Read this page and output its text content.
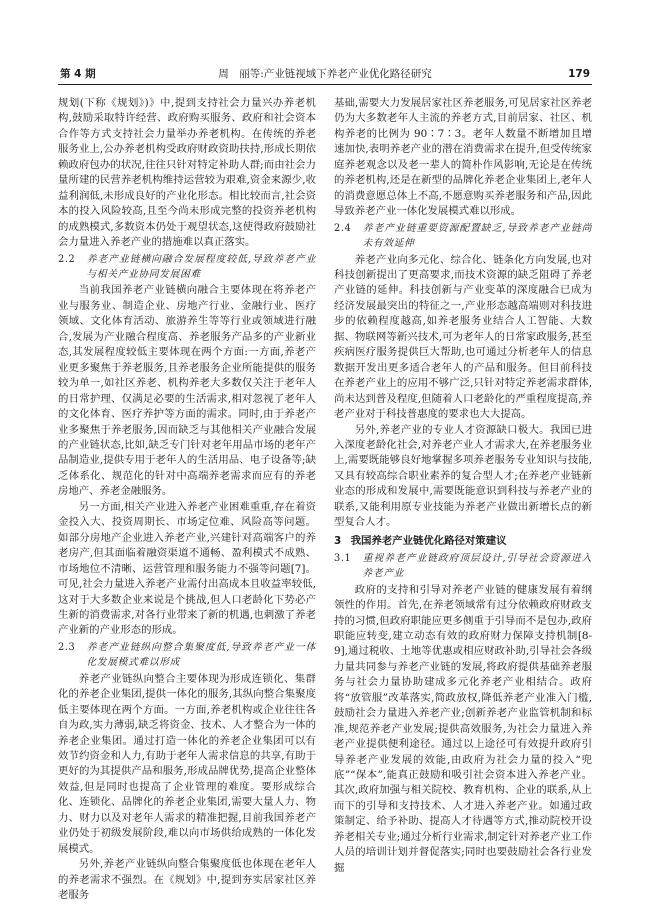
第 4 期	周　丽等:产业链视域下养老产业优化路径研究	179

规划(下称《规划》)》中,提到支持社会力量兴办养老机构,鼓励采取特许经营、政府购买服务、政府和社会资本合作等方式支持社会力量举办养老机构。在传统的养老服务业上,公办养老机构受政府财政资助扶持,形成长期依赖政府包办的状况,往往只针对特定补助人群;而由社会力量所建的民营养老机构维持运营较为艰难,资金来源少,收益利润低,未形成良好的产业化形态。相比较而言,社会资本的投入风险较高,且至今尚未形成完整的投资养老机构的成熟模式,多数资本仍处于观望状态,这使得政府鼓励社会力量进入养老产业的措施难以真正落实。

2.2 养老产业链横向融合发展程度较低,导致养老产业与相关产业协同发展困难

当前我国养老产业链横向融合主要体现在将养老产业与服务业、制造企业、房地产行业、金融行业、医疗领域、文化体育活动、旅游养生等等行业或领域进行融合,发展为产业融合程度高、养老服务产品多的产业新业态,其发展程度较低主要体现在两个方面:一方面,养老产业更多聚焦于养老服务,且养老服务企业所能提供的服务较为单一,如社区养老、机构养老大多数仅关注于老年人的日常护理、仅满足必要的生活需求,相对忽视了老年人的文化体育、医疗养护等方面的需求。同时,由于养老产业多聚焦于养老服务,因而缺乏与其他相关产业融合发展的产业链状态,比如,缺乏专门针对老年用品市场的老年产品制造业,提供专用于老年人的生活用品、电子设备等;缺乏体系化、规范化的针对中高端养老需求而应有的养老房地产、养老金融服务。

另一方面,相关产业进入养老产业困难重重,存在着资金投入大、投资周期长、市场定位难、风险高等问题。如部分房地产企业进入养老产业,兴建针对高端客户的养老房产,但其面临着融资渠道不通畅、盈利模式不成熟、市场地位不清晰、运营管理和服务能力不强等问题[7]。可见,社会力量进入养老产业需付出高成本且收益率较低,这对于大多数企业来说是个挑战,但人口老龄化下势必产生新的消费需求,对各行业带来了新的机遇,也刺激了养老产业新的产业形态的形成。

2.3 养老产业链纵向整合集聚度低,导致养老产业一体化发展模式难以形成

养老产业链纵向整合主要体现为形成连锁化、集群化的养老企业集团,提供一体化的服务,其纵向整合集聚度低主要体现在两个方面。一方面,养老机构或企业往往各自为政,实力薄弱,缺乏将资金、技术、人才整合为一体的养老企业集团。通过打造一体化的养老企业集团可以有效节约资金和人力,有助于老年人需求信息的共享,有助于更好的为其提供产品和服务,形成品牌优势,提高企业整体效益,但是同时也提高了企业管理的难度。要形成综合化、连锁化、品牌化的养老企业集团,需要大量人力、物力、财力以及对老年人需求的精准把握,目前我国养老产业仍处于初级发展阶段,难以向市场供给成熟的一体化发展模式。

另外,养老产业链纵向整合集聚度低也体现在老年人的养老需求不强烈。在《规划》中,提到夯实居家社区养老服务

基础,需要大力发展居家社区养老服务,可见居家社区养老仍为大多数老年人主流的养老方式,目前居家、社区、机构养老的比例为 90∶7∶3。老年人数量不断增加且增速加快,表明养老产业的潜在消费需求在提升,但受传统家庭养老观念以及老一辈人的简朴作风影响,无论是在传统的养老机构,还是在新型的品牌化养老企业集团上,老年人的消费意愿总体上不高,不愿意购买养老服务和产品,因此导致养老产业一体化发展模式难以形成。

2.4 养老产业链重要资源配置缺乏,导致养老产业链尚未有效延伸

养老产业向多元化、综合化、链条化方向发展,也对科技创新提出了更高要求,而技术资源的缺乏阻碍了养老产业链的延伸。科技创新与产业变革的深度融合已成为经济发展最突出的特征之一,产业形态越高端则对科技进步的依赖程度越高,如养老服务业结合人工智能、大数据、物联网等新兴技术,可为老年人的日常家政服务,甚至疾病医疗服务提供巨大帮助,也可通过分析老年人的信息数据开发出更多适合老年人的产品和服务。但目前科技在养老产业上的应用不够广泛,只针对特定养老需求群体,尚未达到普及程度,但随着人口老龄化的严重程度提高,养老产业对于科技普惠度的要求也大大提高。

另外,养老产业的专业人才资源缺口极大。我国已进入深度老龄化社会,对养老产业人才需求大,在养老服务业上,需要既能够良好地掌握多项养老服务专业知识与技能,又具有较高综合职业素养的复合型人才;在养老产业链新业态的形成和发展中,需要既能意识到科技与养老产业的联系,又能利用原专业技能为养老产业做出新增长点的新型复合人才。

3 我国养老产业链优化路径对策建议
3.1 重视养老产业链政府顶层设计,引导社会资源进入养老产业

政府的支持和引导对养老产业链的健康发展有着纲领性的作用。首先,在养老领域常有过分依赖政府财政支持的习惯,但政府职能应更多侧重于引导而不是包办,政府职能应转变,建立动态有效的政府财力保障支持机制[8-9],通过税收、土地等优惠或相应财政补助,引导社会各级力量共同参与养老产业链的发展,将政府提供基础养老服务与社会力量协助建成多元化养老产业相结合。政府将“放管服”改革落实,简政放权,降低养老产业准入门槛,鼓励社会力量进入养老产业;创新养老产业监管机制和标准,规范养老产业发展;提供高效服务,为社会力量进入养老产业提供便利途径。通过以上途径可有效提升政府引导养老产业发展的效能,由政府为社会力量的投入“兜底”“保本”,能真正鼓励和吸引社会资本进入养老产业。其次,政府加强与相关院校、教育机构、企业的联系,从上而下的引导和支持技术、人才进入养老产业。如通过政策制定、给予补助、提高人才待遇等方式,推动院校开设养老相关专业;通过分析行业需求,制定针对养老产业工作人员的培训计划并督促落实;同时也要鼓励社会各行业发掘
